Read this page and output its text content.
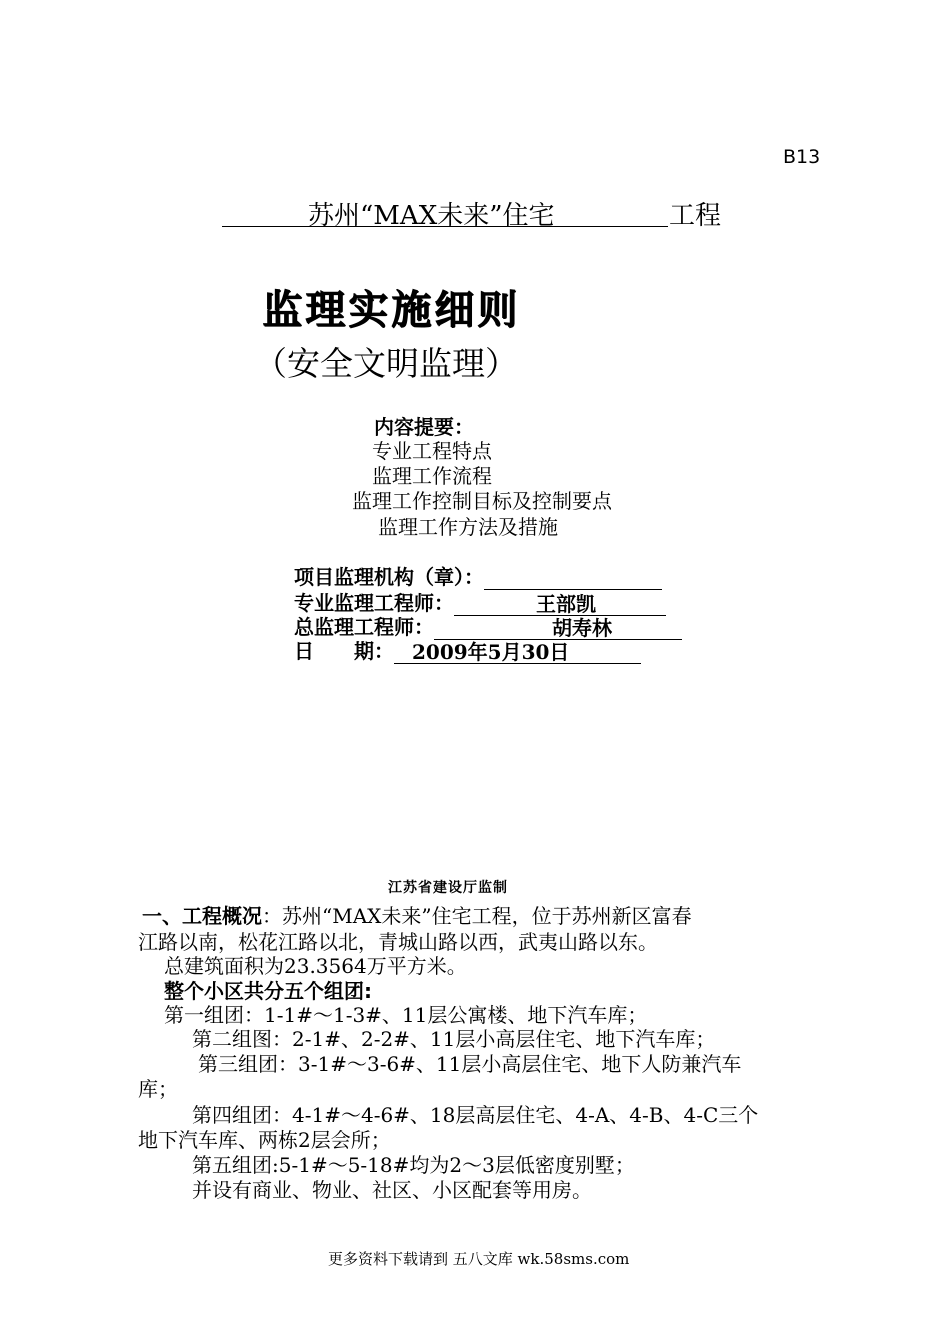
B13
苏州“MAX未来”住宅	工程
监理实施细则
（安全文明监理）
内容提要：
专业工程特点
监理工作流程
监理工作控制目标及控制要点
监理工作方法及措施
项目监理机构（章）：
专业监理工程师：	王部凯
总监理工程师：	胡寿林
日　　期： 2009年5月30日
江苏省建设厅监制
一、工程概况：苏州“MAX未来”住宅工程，位于苏州新区富春
江路以南，松花江路以北，青城山路以西，武夷山路以东。
总建筑面积为23.3564万平方米。
整个小区共分五个组团:
第一组团：1-1#～1-3#、11层公寓楼、地下汽车库；
第二组图：2-1#、2-2#、11层小高层住宅、地下汽车库；
第三组团：3-1#～3-6#、11层小高层住宅、地下人防兼汽车
库；
第四组团：4-1#～4-6#、18层高层住宅、4-A、4-B、4-C三个
地下汽车库、两栋2层会所；
第五组团:5-1#～5-18#均为2～3层低密度别墅；
并设有商业、物业、社区、小区配套等用房。
更多资料下载请到 五八文库 wk.58sms.com
